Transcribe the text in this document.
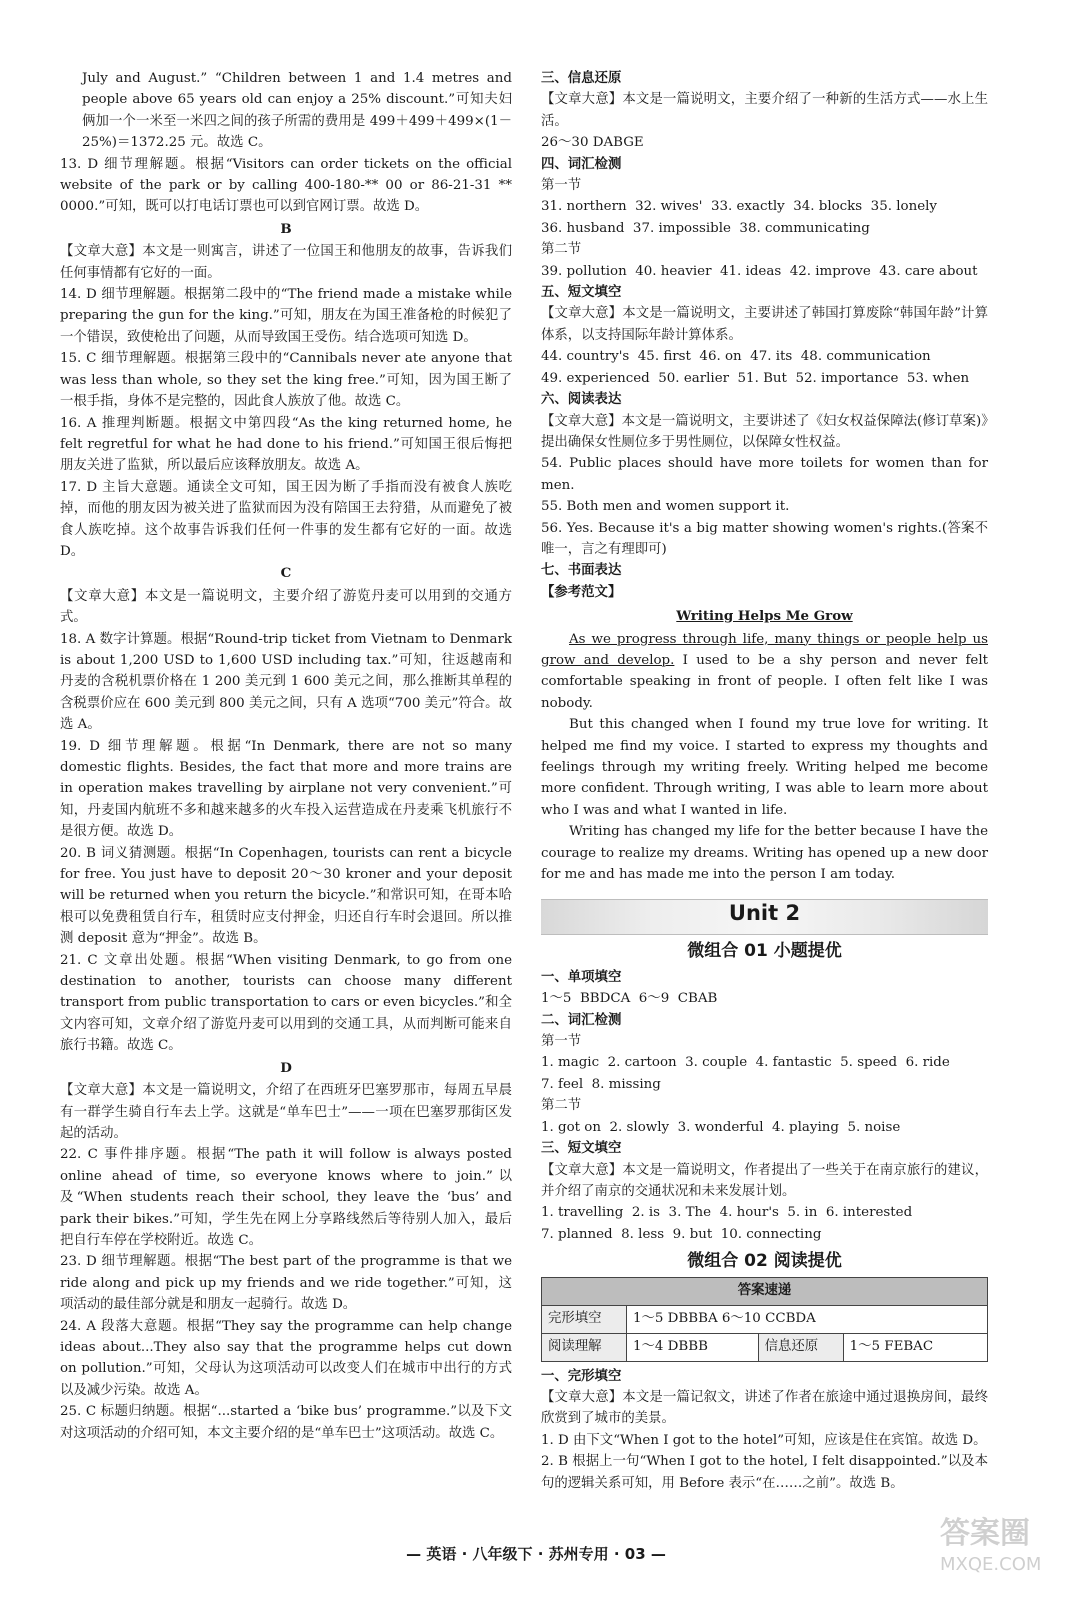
July and August.” “Children between 1 and 1.4 metres and people above 65 years old can enjoy a 25% discount.”可知夫妇俩加一个一米至一米四之间的孩子所需的费用是 499＋499＋499×(1－25%)＝1372.25 元。故选 C。

13. D 细节理解题。根据“Visitors can order tickets on the official website of the park or by calling 400-180-** 00 or 86-21-31 ** 0000.”可知，既可以打电话订票也可以到官网订票。故选 D。

B

【文章大意】本文是一则寓言，讲述了一位国王和他朋友的故事，告诉我们任何事情都有它好的一面。

14. D 细节理解题。根据第二段中的“The friend made a mistake while preparing the gun for the king.”可知，朋友在为国王准备枪的时候犯了一个错误，致使枪出了问题，从而导致国王受伤。结合选项可知选 D。

15. C 细节理解题。根据第三段中的“Cannibals never ate anyone that was less than whole, so they set the king free.”可知，因为国王断了一根手指，身体不是完整的，因此食人族放了他。故选 C。

16. A 推理判断题。根据文中第四段“As the king returned home, he felt regretful for what he had done to his friend.”可知国王很后悔把朋友关进了监狱，所以最后应该释放朋友。故选 A。

17. D 主旨大意题。通读全文可知，国王因为断了手指而没有被食人族吃掉，而他的朋友因为被关进了监狱而因为没有陪国王去狩猎，从而避免了被食人族吃掉。这个故事告诉我们任何一件事的发生都有它好的一面。故选 D。

C

【文章大意】本文是一篇说明文，主要介绍了游览丹麦可以用到的交通方式。

18. A 数字计算题。根据“Round-trip ticket from Vietnam to Denmark is about 1,200 USD to 1,600 USD including tax.”可知，往返越南和丹麦的含税机票价格在 1 200 美元到 1 600 美元之间，那么推断其单程的含税票价应在 600 美元到 800 美元之间，只有 A 选项“700 美元”符合。故选 A。

19. D 细节理解题。根据“In Denmark, there are not so many domestic flights. Besides, the fact that more and more trains are in operation makes travelling by airplane not very convenient.”可知，丹麦国内航班不多和越来越多的火车投入运营造成在丹麦乘飞机旅行不是很方便。故选 D。

20. B 词义猜测题。根据“In Copenhagen, tourists can rent a bicycle for free. You just have to deposit 20～30 kroner and your deposit will be returned when you return the bicycle.”和常识可知，在哥本哈根可以免费租赁自行车，租赁时应支付押金，归还自行车时会退回。所以推测 deposit 意为“押金”。故选 B。

21. C 文章出处题。根据“When visiting Denmark, to go from one destination to another, tourists can choose many different transport from public transportation to cars or even bicycles.”和全文内容可知，文章介绍了游览丹麦可以用到的交通工具，从而判断可能来自旅行书籍。故选 C。

D

【文章大意】本文是一篇说明文，介绍了在西班牙巴塞罗那市，每周五早晨有一群学生骑自行车去上学。这就是“单车巴士”——一项在巴塞罗那街区发起的活动。

22. C 事件排序题。根据“The path it will follow is always posted online ahead of time, so everyone knows where to join.”以及“When students reach their school, they leave the ‘bus’ and park their bikes.”可知，学生先在网上分享路线然后等待别人加入，最后把自行车停在学校附近。故选 C。

23. D 细节理解题。根据“The best part of the programme is that we ride along and pick up my friends and we ride together.”可知，这项活动的最佳部分就是和朋友一起骑行。故选 D。

24. A 段落大意题。根据“They say the programme can help change ideas about...They also say that the programme helps cut down on pollution.”可知，父母认为这项活动可以改变人们在城市中出行的方式以及减少污染。故选 A。

25. C 标题归纳题。根据“...started a ‘bike bus’ programme.”以及下文对这项活动的介绍可知，本文主要介绍的是“单车巴士”这项活动。故选 C。

三、信息还原

【文章大意】本文是一篇说明文，主要介绍了一种新的生活方式——水上生活。

26～30 DABGE
四、词汇检测
第一节
31. northern  32. wives'  33. exactly  34. blocks  35. lonely
36. husband  37. impossible  38. communicating
第二节
39. pollution  40. heavier  41. ideas  42. improve  43. care about
五、短文填空

【文章大意】本文是一篇说明文，主要讲述了韩国打算废除“韩国年龄”计算体系，以支持国际年龄计算体系。

44. country's  45. first  46. on  47. its  48. communication
49. experienced  50. earlier  51. But  52. importance  53. when
六、阅读表达

【文章大意】本文是一篇说明文，主要讲述了《妇女权益保障法(修订草案)》提出确保女性厕位多于男性厕位，以保障女性权益。

54. Public places should have more toilets for women than for men.

55. Both men and women support it.

56. Yes. Because it's a big matter showing women's rights.(答案不唯一，言之有理即可)

七、书面表达
【参考范文】
Writing Helps Me Grow

As we progress through life, many things or people help us grow and develop. I used to be a shy person and never felt comfortable speaking in front of people. I often felt like I was nobody.

But this changed when I found my true love for writing. It helped me find my voice. I started to express my thoughts and feelings through my writing freely. Writing helped me become more confident. Through writing, I was able to learn more about who I was and what I wanted in life.

Writing has changed my life for the better because I have the courage to realize my dreams. Writing has opened up a new door for me and has made me into the person I am today.

Unit 2
微组合 01 小题提优
一、单项填空
1～5  BBDCA  6～9  CBAB
二、词汇检测
第一节
1. magic  2. cartoon  3. couple  4. fantastic  5. speed  6. ride
7. feel  8. missing
第二节
1. got on  2. slowly  3. wonderful  4. playing  5. noise
三、短文填空

【文章大意】本文是一篇说明文，作者提出了一些关于在南京旅行的建议，并介绍了南京的交通状况和未来发展计划。

1. travelling  2. is  3. The  4. hour's  5. in  6. interested
7. planned  8. less  9. but  10. connecting
微组合 02 阅读提优
答案速递			
完形填空	1～5 DBBBA 6～10 CCBDA		
阅读理解	1～4 DBBB	信息还原	1～5 FEBAC
一、完形填空

【文章大意】本文是一篇记叙文，讲述了作者在旅途中通过退换房间，最终欣赏到了城市的美景。

1. D 由下文“When I got to the hotel”可知，应该是住在宾馆。故选 D。

2. B 根据上一句“When I got to the hotel, I felt disappointed.”以及本句的逻辑关系可知，用 Before 表示“在……之前”。故选 B。

— 英语 · 八年级下 · 苏州专用 · 03 —
答案圈
MXQE.COM
